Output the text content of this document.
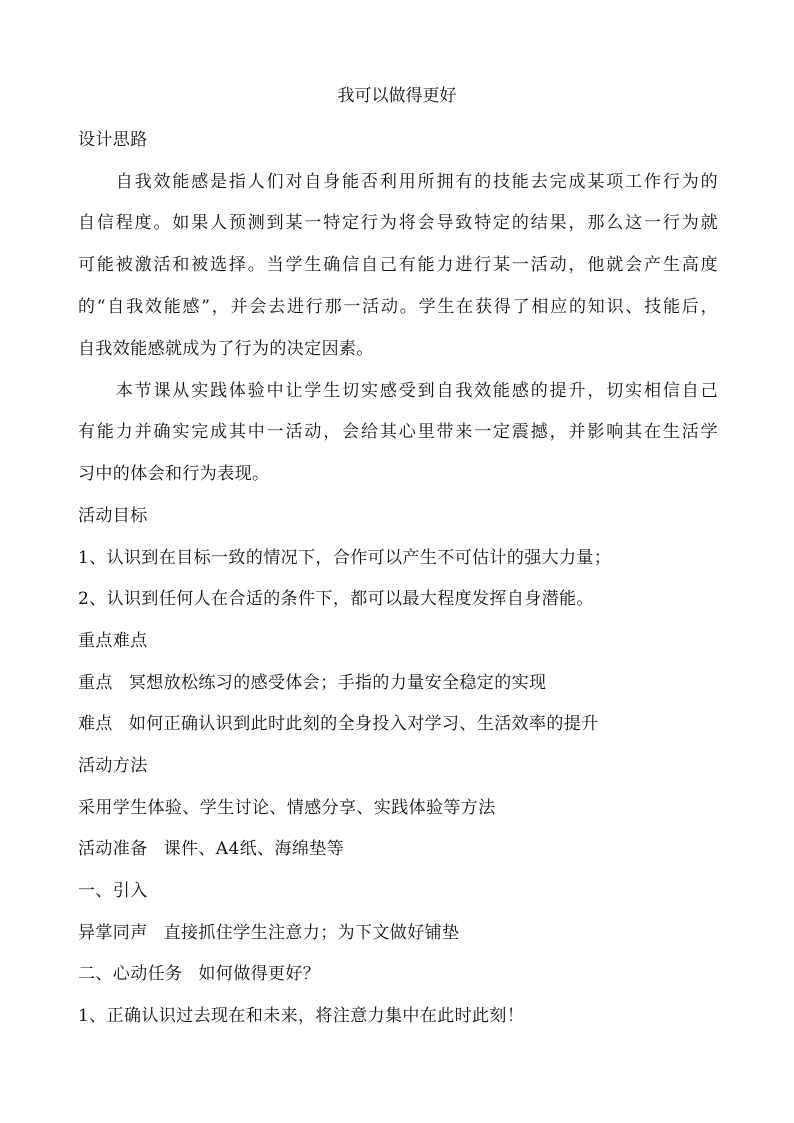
我可以做得更好
设计思路
　　自我效能感是指人们对自身能否利用所拥有的技能去完成某项工作行为的
自信程度。如果人预测到某一特定行为将会导致特定的结果，那么这一行为就
可能被激活和被选择。当学生确信自己有能力进行某一活动，他就会产生高度
的“自我效能感”，并会去进行那一活动。学生在获得了相应的知识、技能后，
自我效能感就成为了行为的决定因素。
　　本节课从实践体验中让学生切实感受到自我效能感的提升，切实相信自己
有能力并确实完成其中一活动，会给其心里带来一定震撼，并影响其在生活学
习中的体会和行为表现。
活动目标
1、认识到在目标一致的情况下，合作可以产生不可估计的强大力量；
2、认识到任何人在合适的条件下，都可以最大程度发挥自身潜能。
重点难点
重点 冥想放松练习的感受体会；手指的力量安全稳定的实现
难点 如何正确认识到此时此刻的全身投入对学习、生活效率的提升
活动方法
采用学生体验、学生讨论、情感分享、实践体验等方法
活动准备 课件、A4纸、海绵垫等
一、引入
异掌同声 直接抓住学生注意力；为下文做好铺垫
二、心动任务 如何做得更好？
1、正确认识过去现在和未来，将注意力集中在此时此刻！
